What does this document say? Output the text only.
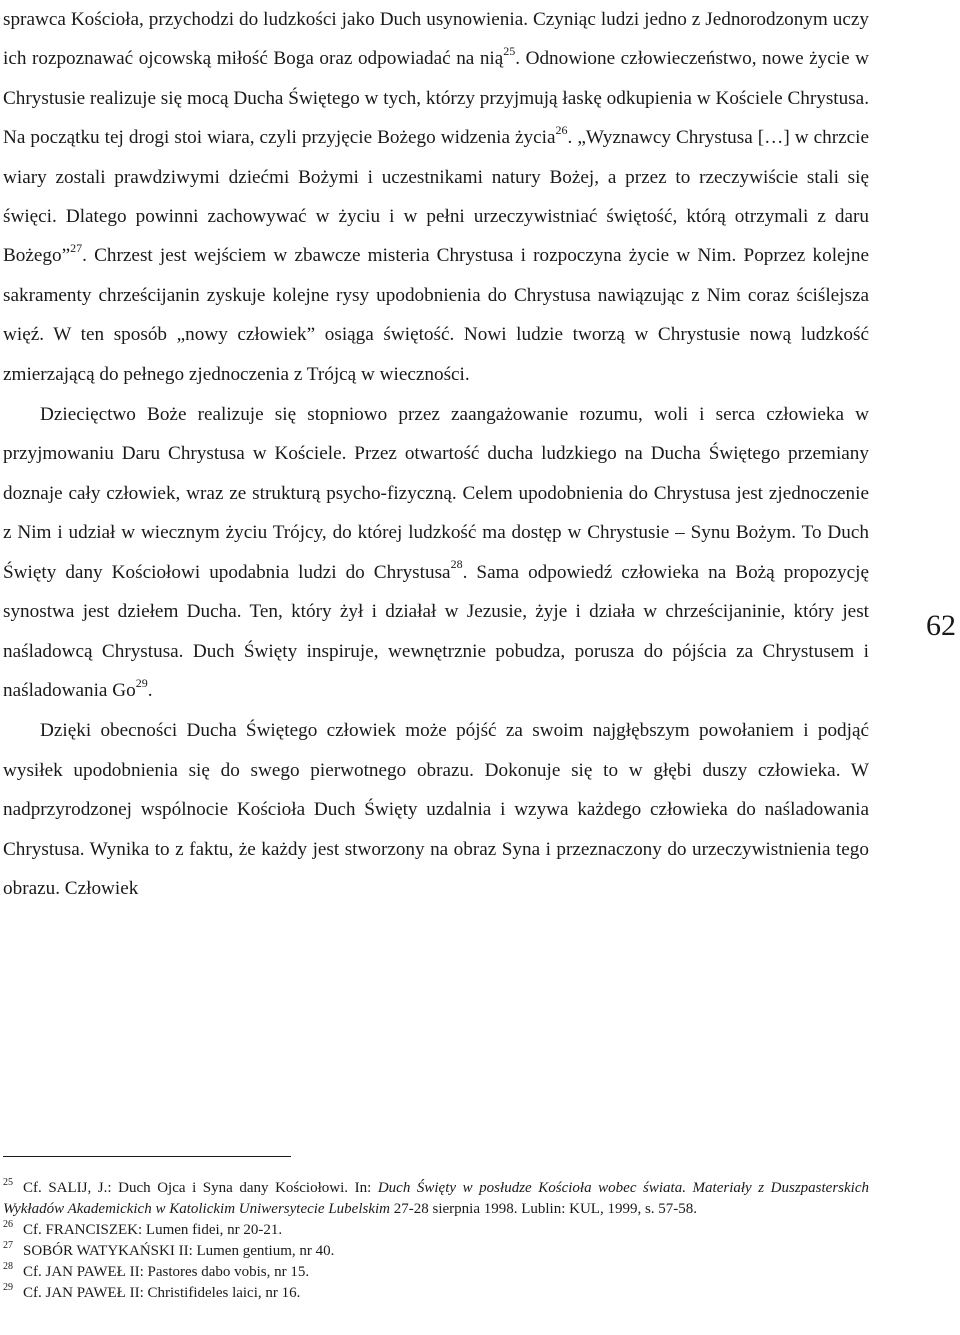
sprawca Kościoła, przychodzi do ludzkości jako Duch usynowienia. Czyniąc ludzi jedno z Jednorodzonym uczy ich rozpoznawać ojcowską miłość Boga oraz odpowiadać na nią$^{25}$. Odnowione człowieczeństwo, nowe życie w Chrystusie realizuje się mocą Ducha Świętego w tych, którzy przyjmują łaskę odkupienia w Kościele Chrystusa. Na początku tej drogi stoi wiara, czyli przyjęcie Bożego widzenia życia$^{26}$. „Wyznawcy Chrystusa […] w chrzcie wiary zostali prawdziwymi dziećmi Bożymi i uczestnikami natury Bożej, a przez to rzeczywiście stali się święci. Dlatego powinni zachowywać w życiu i w pełni urzeczywistniać świętość, którą otrzymali z daru Bożego”$^{27}$. Chrzest jest wejściem w zbawcze misteria Chrystusa i rozpoczyna życie w Nim. Poprzez kolejne sakramenty chrześcijanin zyskuje kolejne rysy upodobnienia do Chrystusa nawiązując z Nim coraz ściślejsza więź. W ten sposób „nowy człowiek” osiąga świętość. Nowi ludzie tworzą w Chrystusie nową ludzkość zmierzającą do pełnego zjednoczenia z Trójcą w wieczności.

Dziecięctwo Boże realizuje się stopniowo przez zaangażowanie rozumu, woli i serca człowieka w przyjmowaniu Daru Chrystusa w Kościele. Przez otwartość ducha ludzkiego na Ducha Świętego przemiany doznaje cały człowiek, wraz ze strukturą psycho-fizyczną. Celem upodobnienia do Chrystusa jest zjednoczenie z Nim i udział w wiecznym życiu Trójcy, do której ludzkość ma dostęp w Chrystusie – Synu Bożym. To Duch Święty dany Kościołowi upodabnia ludzi do Chrystusa$^{28}$. Sama odpowiedź człowieka na Bożą propozycję synostwa jest dziełem Ducha. Ten, który żył i działał w Jezusie, żyje i działa w chrześcijaninie, który jest naśladowcą Chrystusa. Duch Święty inspiruje, wewnętrznie pobudza, porusza do pójścia za Chrystusem i naśladowania Go$^{29}$.

Dzięki obecności Ducha Świętego człowiek może pójść za swoim najgłębszym powołaniem i podjąć wysiłek upodobnienia się do swego pierwotnego obrazu. Dokonuje się to w głębi duszy człowieka. W nadprzyrodzonej wspólnocie Kościoła Duch Święty uzdalnia i wzywa każdego człowieka do naśladowania Chrystusa. Wynika to z faktu, że każdy jest stworzony na obraz Syna i przeznaczony do urzeczywistnienia tego obrazu. Człowiek

62

$^{25}$ Cf. SALIJ, J.: Duch Ojca i Syna dany Kościołowi. In: Duch Święty w posłudze Kościoła wobec świata. Materiały z Duszpasterskich Wykładów Akademickich w Katolickim Uniwersytecie Lubelskim 27-28 sierpnia 1998. Lublin: KUL, 1999, s. 57-58.

$^{26}$ Cf. FRANCISZEK: Lumen fidei, nr 20-21.

$^{27}$ SOBÓR WATYKAŃSKI II: Lumen gentium, nr 40.

$^{28}$ Cf. JAN PAWEŁ II: Pastores dabo vobis, nr 15.

$^{29}$ Cf. JAN PAWEŁ II: Christifideles laici, nr 16.
